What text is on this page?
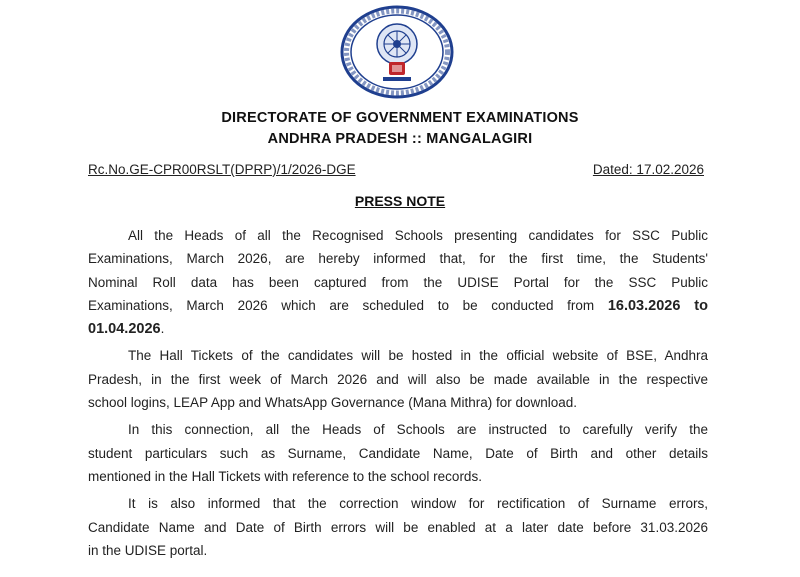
DIRECTORATE OF GOVERNMENT EXAMINATIONS
ANDHRA PRADESH :: MANGALAGIRI
Rc.No.GE-CPR00RSLT(DPRP)/1/2026-DGE	Dated: 17.02.2026
PRESS NOTE
All the Heads of all the Recognised Schools presenting candidates for SSC Public
Examinations, March 2026, are hereby informed that, for the first time, the Students'
Nominal Roll data has been captured from the UDISE Portal for the SSC Public
Examinations, March 2026 which are scheduled to be conducted from 16.03.2026 to
01.04.2026.
The Hall Tickets of the candidates will be hosted in the official website of BSE, Andhra
Pradesh, in the first week of March 2026 and will also be made available in the respective
school logins, LEAP App and WhatsApp Governance (Mana Mithra) for download.
In this connection, all the Heads of Schools are instructed to carefully verify the
student particulars such as Surname, Candidate Name, Date of Birth and other details
mentioned in the Hall Tickets with reference to the school records.
It is also informed that the correction window for rectification of Surname errors,
Candidate Name and Date of Birth errors will be enabled at a later date before 31.03.2026
in the UDISE portal.
